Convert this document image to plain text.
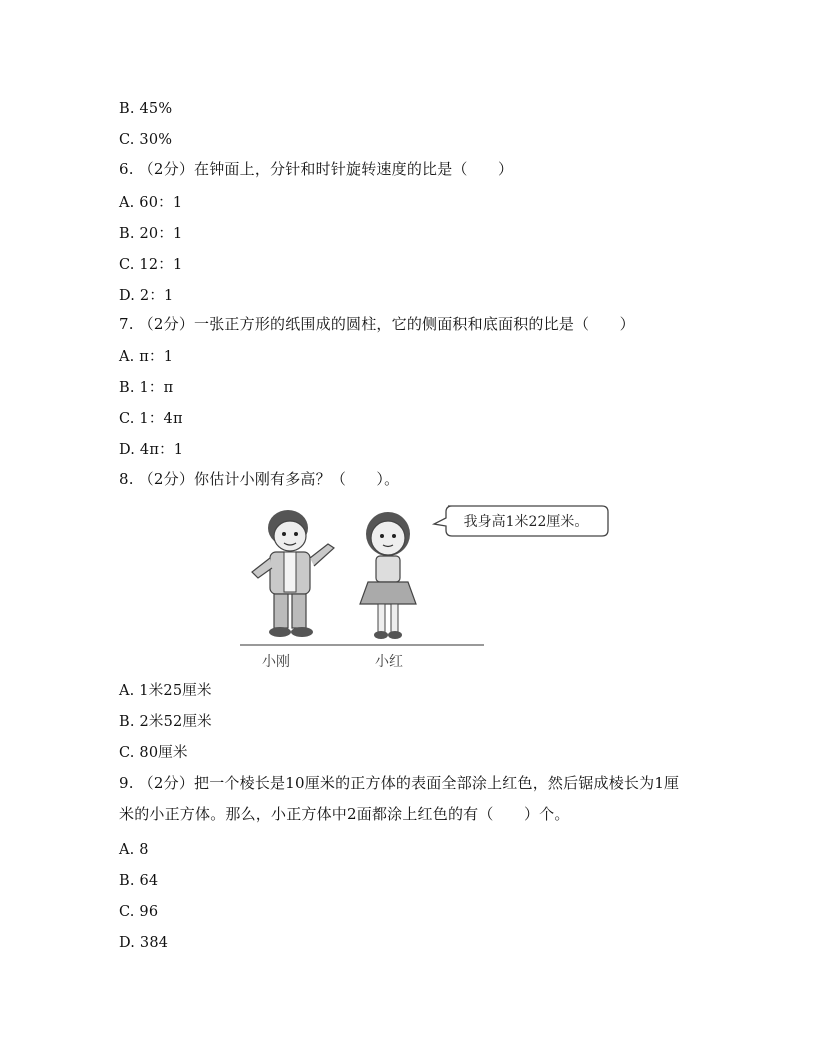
B. 45%
C. 30%
6. （2分）在钟面上，分针和时针旋转速度的比是（　　）
A. 60：1
B. 20：1
C. 12：1
D. 2：1
7. （2分）一张正方形的纸围成的圆柱，它的侧面积和底面积的比是（　　）
A. π：1
B. 1：π
C. 1：4π
D. 4π：1
8. （2分）你估计小刚有多高？（　　）。
我身高1米22厘米。
小刚	小红
A. 1米25厘米
B. 2米52厘米
C. 80厘米
9. （2分）把一个棱长是10厘米的正方体的表面全部涂上红色，然后锯成棱长为1厘
米的小正方体。那么，小正方体中2面都涂上红色的有（　　）个。
A. 8
B. 64
C. 96
D. 384
